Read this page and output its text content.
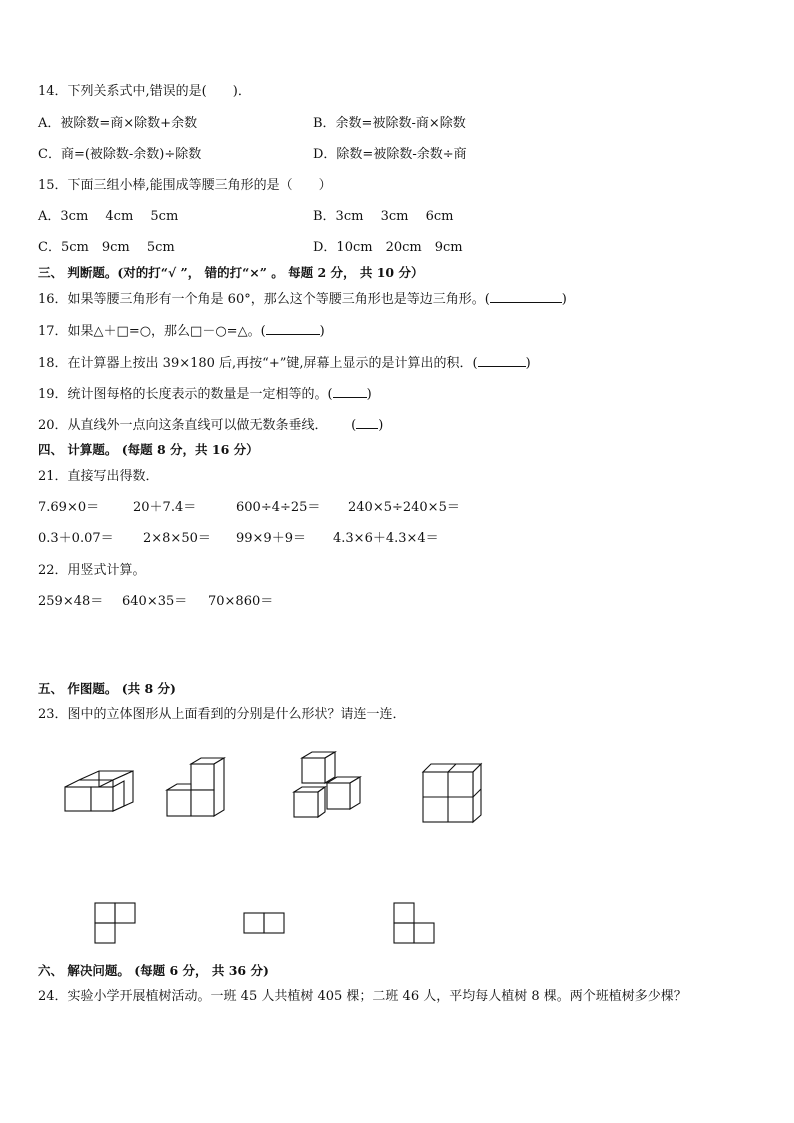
14．下列关系式中,错误的是(　　)．
A．被除数=商×除数+余数	B．余数=被除数-商×除数
C．商=(被除数-余数)÷除数	D．除数=被除数-余数÷商
15．下面三组小棒,能围成等腰三角形的是（　　）
A．3cm　 4cm　 5cm	B．3cm　 3cm　 6cm
C．5cm　9cm　 5cm	D．10cm　20cm　9cm
三、 判断题。(对的打“√ ”， 错的打“×” 。 每题 2 分， 共 10 分）
16．如果等腰三角形有一个角是 60°，那么这个等腰三角形也是等边三角形。(	)
17．如果△＋□=○，那么□－○=△。(	)
18．在计算器上按出 39×180 后,再按“+”键,屏幕上显示的是计算出的积．(	)
19．统计图每格的长度表示的数量是一定相等的。(	)
20．从直线外一点向这条直线可以做无数条垂线．　　 ( )
四、 计算题。 (每题 8 分，共 16 分）
21．直接写出得数．
7.69×0＝	20＋7.4＝	600÷4÷25＝ 240×5÷240×5＝
0.3＋0.07＝ 2×8×50＝ 99×9＋9＝ 4.3×6＋4.3×4＝
22．用竖式计算。
259×48＝ 640×35＝ 70×860＝
五、 作图题。 (共 8 分)
23．图中的立体图形从上面看到的分别是什么形状？请连一连．
六、 解决问题。 (每题 6 分， 共 36 分)
24．实验小学开展植树活动。一班 45 人共植树 405 棵；二班 46 人，平均每人植树 8 棵。两个班植树多少棵？
